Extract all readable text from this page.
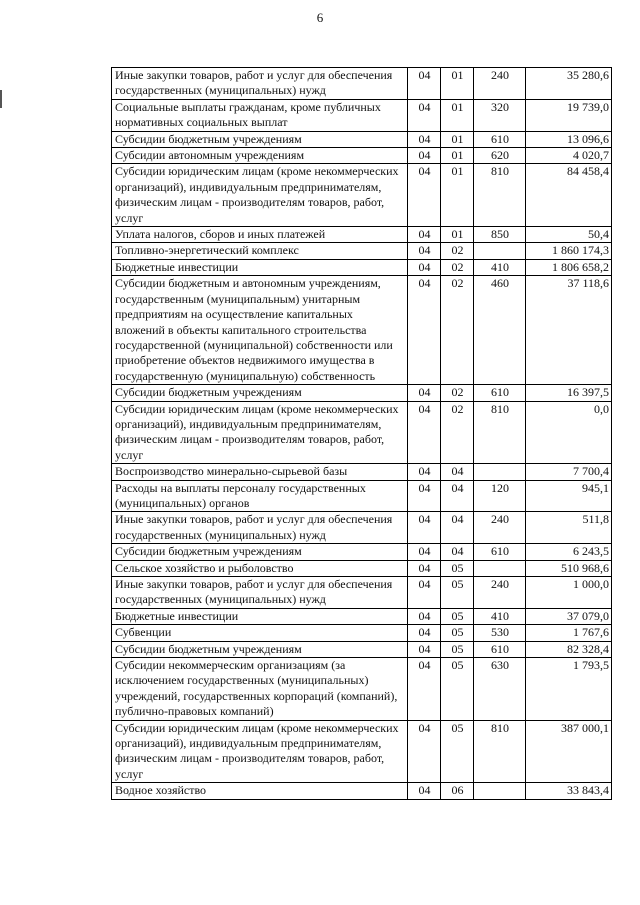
6
Иные закупки товаров, работ и услуг для обеспечения государственных (муниципальных) нужд	04	01	240	35 280,6
Социальные выплаты гражданам, кроме публичных нормативных социальных выплат	04	01	320	19 739,0
Субсидии бюджетным учреждениям	04	01	610	13 096,6
Субсидии автономным учреждениям	04	01	620	4 020,7
Субсидии юридическим лицам (кроме некоммерческих организаций), индивидуальным предпринимателям, физическим лицам - производителям товаров, работ, услуг	04	01	810	84 458,4
Уплата налогов, сборов и иных платежей	04	01	850	50,4
Топливно-энергетический комплекс	04	02		1 860 174,3
Бюджетные инвестиции	04	02	410	1 806 658,2
Субсидии бюджетным и автономным учреждениям, государственным (муниципальным) унитарным предприятиям на осуществление капитальных вложений в объекты капитального строительства государственной (муниципальной) собственности или приобретение объектов недвижимого имущества в государственную (муниципальную) собственность	04	02	460	37 118,6
Субсидии бюджетным учреждениям	04	02	610	16 397,5
Субсидии юридическим лицам (кроме некоммерческих организаций), индивидуальным предпринимателям, физическим лицам - производителям товаров, работ, услуг	04	02	810	0,0
Воспроизводство минерально-сырьевой базы	04	04		7 700,4
Расходы на выплаты персоналу государственных (муниципальных) органов	04	04	120	945,1
Иные закупки товаров, работ и услуг для обеспечения государственных (муниципальных) нужд	04	04	240	511,8
Субсидии бюджетным учреждениям	04	04	610	6 243,5
Сельское хозяйство и рыболовство	04	05		510 968,6
Иные закупки товаров, работ и услуг для обеспечения государственных (муниципальных) нужд	04	05	240	1 000,0
Бюджетные инвестиции	04	05	410	37 079,0
Субвенции	04	05	530	1 767,6
Субсидии бюджетным учреждениям	04	05	610	82 328,4
Субсидии некоммерческим организациям (за исключением государственных (муниципальных) учреждений, государственных корпораций (компаний), публично-правовых компаний)	04	05	630	1 793,5
Субсидии юридическим лицам (кроме некоммерческих организаций), индивидуальным предпринимателям, физическим лицам - производителям товаров, работ, услуг	04	05	810	387 000,1
Водное хозяйство	04	06		33 843,4
